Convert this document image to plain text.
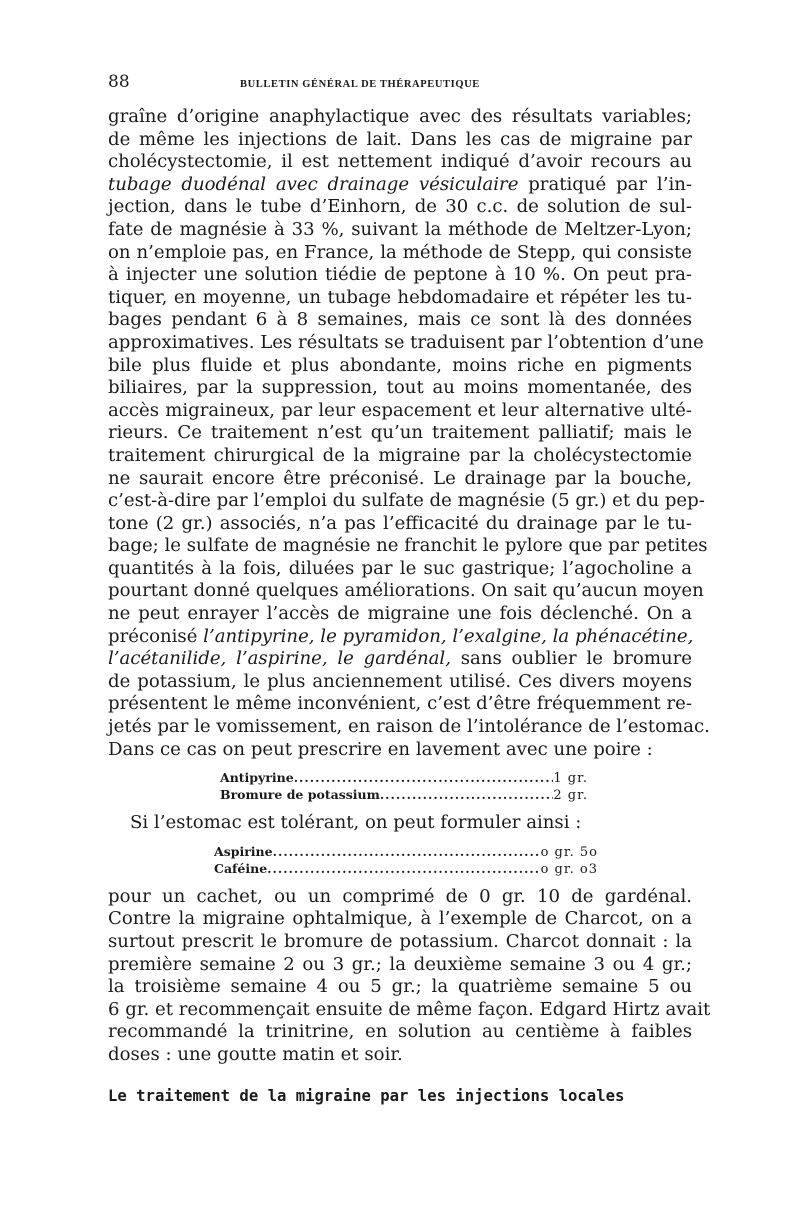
88	BULLETIN GÉNÉRAL DE THÉRAPEUTIQUE
graîne d’origine anaphylactique avec des résultats variables;
de même les injections de lait. Dans les cas de migraine par
cholécystectomie, il est nettement indiqué d’avoir recours au
tubage duodénal avec drainage vésiculaire pratiqué par l’in-
jection, dans le tube d’Einhorn, de 30 c.c. de solution de sul-
fate de magnésie à 33 %, suivant la méthode de Meltzer-Lyon;
on n’emploie pas, en France, la méthode de Stepp, qui consiste
à injecter une solution tiédie de peptone à 10 %. On peut pra-
tiquer, en moyenne, un tubage hebdomadaire et répéter les tu-
bages pendant 6 à 8 semaines, mais ce sont là des données
approximatives. Les résultats se traduisent par l’obtention d’une
bile plus fluide et plus abondante, moins riche en pigments
biliaires, par la suppression, tout au moins momentanée, des
accès migraineux, par leur espacement et leur alternative ulté-
rieurs. Ce traitement n’est qu’un traitement palliatif; mais le
traitement chirurgical de la migraine par la cholécystectomie
ne saurait encore être préconisé. Le drainage par la bouche,
c’est-à-dire par l’emploi du sulfate de magnésie (5 gr.) et du pep-
tone (2 gr.) associés, n’a pas l’efficacité du drainage par le tu-
bage; le sulfate de magnésie ne franchit le pylore que par petites
quantités à la fois, diluées par le suc gastrique; l’agocholine a
pourtant donné quelques améliorations. On sait qu’aucun moyen
ne peut enrayer l’accès de migraine une fois déclenché. On a
préconisé l’antipyrine, le pyramidon, l’exalgine, la phénacétine,
l’acétanilide, l’aspirine, le gardénal, sans oublier le bromure
de potassium, le plus anciennement utilisé. Ces divers moyens
présentent le même inconvénient, c’est d’être fréquemment re-
jetés par le vomissement, en raison de l’intolérance de l’estomac.
Dans ce cas on peut prescrire en lavement avec une poire :
Antipyrine .....	1 gr.
Bromure de potassium .....	2 gr.
Si l’estomac est tolérant, on peut formuler ainsi :
Aspirine .....	o gr. 5o
Caféine .....	o gr. o3
pour un cachet, ou un comprimé de 0 gr. 10 de gardénal.
Contre la migraine ophtalmique, à l’exemple de Charcot, on a
surtout prescrit le bromure de potassium. Charcot donnait : la
première semaine 2 ou 3 gr.; la deuxième semaine 3 ou 4 gr.;
la troisième semaine 4 ou 5 gr.; la quatrième semaine 5 ou
6 gr. et recommençait ensuite de même façon. Edgard Hirtz avait
recommandé la trinitrine, en solution au centième à faibles
doses : une goutte matin et soir.
Le traitement de la migraine par les injections locales
